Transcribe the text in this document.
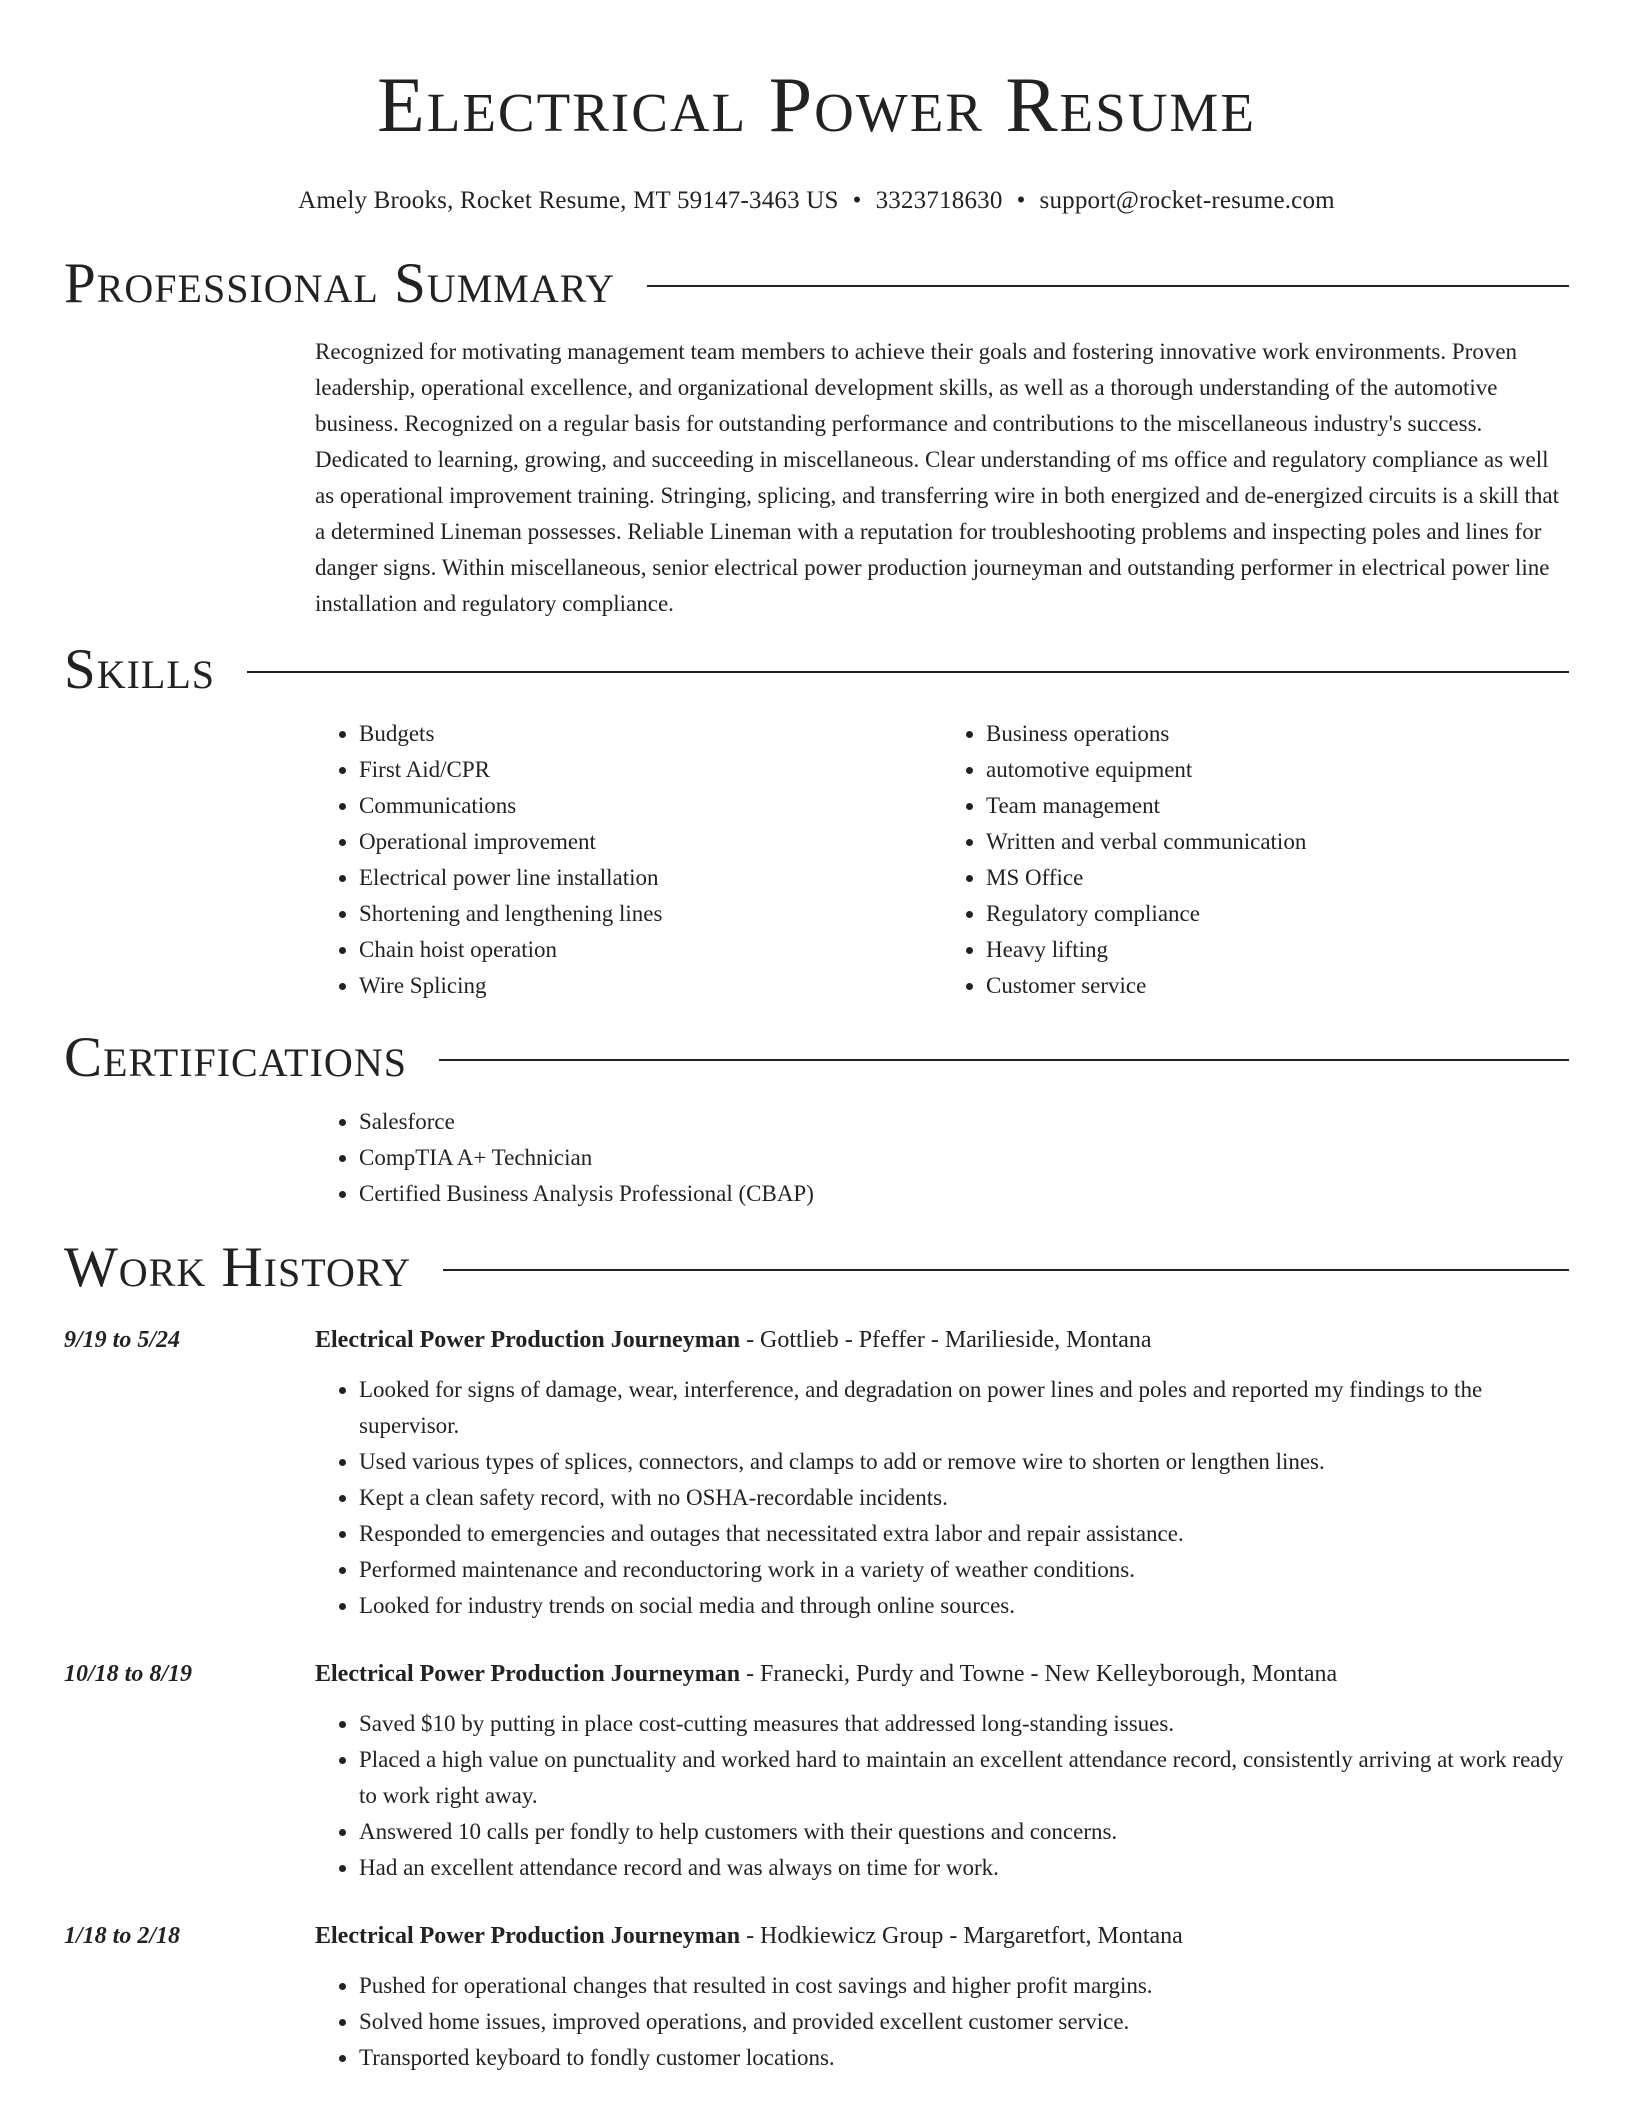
Electrical Power Resume
Amely Brooks, Rocket Resume, MT 59147-3463 US • 3323718630 • support@rocket-resume.com
Professional Summary

Recognized for motivating management team members to achieve their goals and fostering innovative work environments. Proven leadership, operational excellence, and organizational development skills, as well as a thorough understanding of the automotive business. Recognized on a regular basis for outstanding performance and contributions to the miscellaneous industry's success. Dedicated to learning, growing, and succeeding in miscellaneous. Clear understanding of ms office and regulatory compliance as well as operational improvement training. Stringing, splicing, and transferring wire in both energized and de-energized circuits is a skill that a determined Lineman possesses. Reliable Lineman with a reputation for troubleshooting problems and inspecting poles and lines for danger signs. Within miscellaneous, senior electrical power production journeyman and outstanding performer in electrical power line installation and regulatory compliance.

Skills
• Budgets
• First Aid/CPR
• Communications
• Operational improvement
• Electrical power line installation
• Shortening and lengthening lines
• Chain hoist operation
• Wire Splicing
• Business operations
• automotive equipment
• Team management
• Written and verbal communication
• MS Office
• Regulatory compliance
• Heavy lifting
• Customer service
Certifications
• Salesforce
• CompTIA A+ Technician
• Certified Business Analysis Professional (CBAP)
Work History
9/19 to 5/24	Electrical Power Production Journeyman - Gottlieb - Pfeffer - Marilieside, Montana
• Looked for signs of damage, wear, interference, and degradation on power lines and poles and reported my findings to the supervisor.
• Used various types of splices, connectors, and clamps to add or remove wire to shorten or lengthen lines.
• Kept a clean safety record, with no OSHA-recordable incidents.
• Responded to emergencies and outages that necessitated extra labor and repair assistance.
• Performed maintenance and reconductoring work in a variety of weather conditions.
• Looked for industry trends on social media and through online sources.
10/18 to 8/19	Electrical Power Production Journeyman - Franecki, Purdy and Towne - New Kelleyborough, Montana
• Saved $10 by putting in place cost-cutting measures that addressed long-standing issues.
• Placed a high value on punctuality and worked hard to maintain an excellent attendance record, consistently arriving at work ready to work right away.
• Answered 10 calls per fondly to help customers with their questions and concerns.
• Had an excellent attendance record and was always on time for work.
1/18 to 2/18	Electrical Power Production Journeyman - Hodkiewicz Group - Margaretfort, Montana
• Pushed for operational changes that resulted in cost savings and higher profit margins.
• Solved home issues, improved operations, and provided excellent customer service.
• Transported keyboard to fondly customer locations.
